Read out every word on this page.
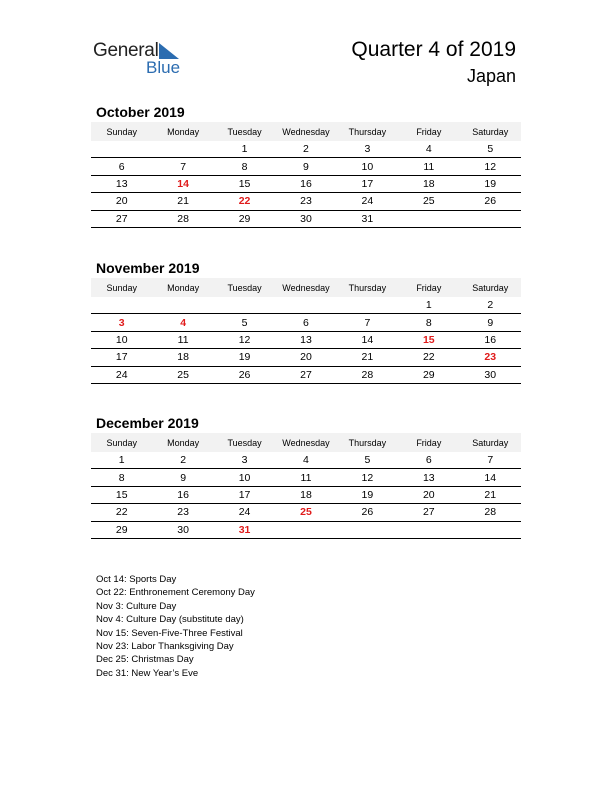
General
Blue
Quarter 4 of 2019
Japan
October 2019
Sunday	Monday	Tuesday	Wednesday	Thursday	Friday	Saturday
		1	2	3	4	5
6	7	8	9	10	11	12
13	14	15	16	17	18	19
20	21	22	23	24	25	26
27	28	29	30	31		
November 2019
Sunday	Monday	Tuesday	Wednesday	Thursday	Friday	Saturday
					1	2
3	4	5	6	7	8	9
10	11	12	13	14	15	16
17	18	19	20	21	22	23
24	25	26	27	28	29	30
December 2019
Sunday	Monday	Tuesday	Wednesday	Thursday	Friday	Saturday
1	2	3	4	5	6	7
8	9	10	11	12	13	14
15	16	17	18	19	20	21
22	23	24	25	26	27	28
29	30	31				
Oct 14: Sports Day
Oct 22: Enthronement Ceremony Day
Nov 3: Culture Day
Nov 4: Culture Day (substitute day)
Nov 15: Seven-Five-Three Festival
Nov 23: Labor Thanksgiving Day
Dec 25: Christmas Day
Dec 31: New Year’s Eve
